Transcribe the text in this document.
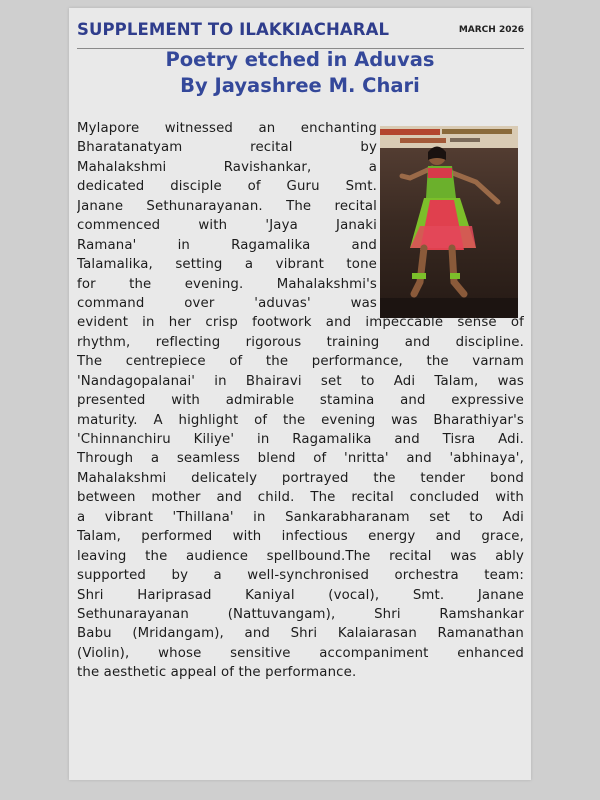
SUPPLEMENT TO ILAKKIACHARAL	MARCH 2026
Poetry etched in Aduvas
By Jayashree M. Chari
Mylapore witnessed an enchanting
Bharatanatyam recital by
Mahalakshmi Ravishankar, a
dedicated disciple of Guru Smt.
Janane Sethunarayanan. The recital
commenced with 'Jaya Janaki
Ramana' in Ragamalika and
Talamalika, setting a vibrant tone
for the evening. Mahalakshmi's
command over 'aduvas' was
evident in her crisp footwork and impeccable sense of
rhythm, reflecting rigorous training and discipline.
The centrepiece of the performance, the varnam
'Nandagopalanai' in Bhairavi set to Adi Talam, was
presented with admirable stamina and expressive
maturity. A highlight of the evening was Bharathiyar's
'Chinnanchiru Kiliye' in Ragamalika and Tisra Adi.
Through a seamless blend of 'nritta' and 'abhinaya',
Mahalakshmi delicately portrayed the tender bond
between mother and child. The recital concluded with
a vibrant 'Thillana' in Sankarabharanam set to Adi
Talam, performed with infectious energy and grace,
leaving the audience spellbound.The recital was ably
supported by a well-synchronised orchestra team:
Shri Hariprasad Kaniyal (vocal), Smt. Janane
Sethunarayanan (Nattuvangam), Shri Ramshankar
Babu (Mridangam), and Shri Kalaiarasan Ramanathan
(Violin), whose sensitive accompaniment enhanced
the aesthetic appeal of the performance.
